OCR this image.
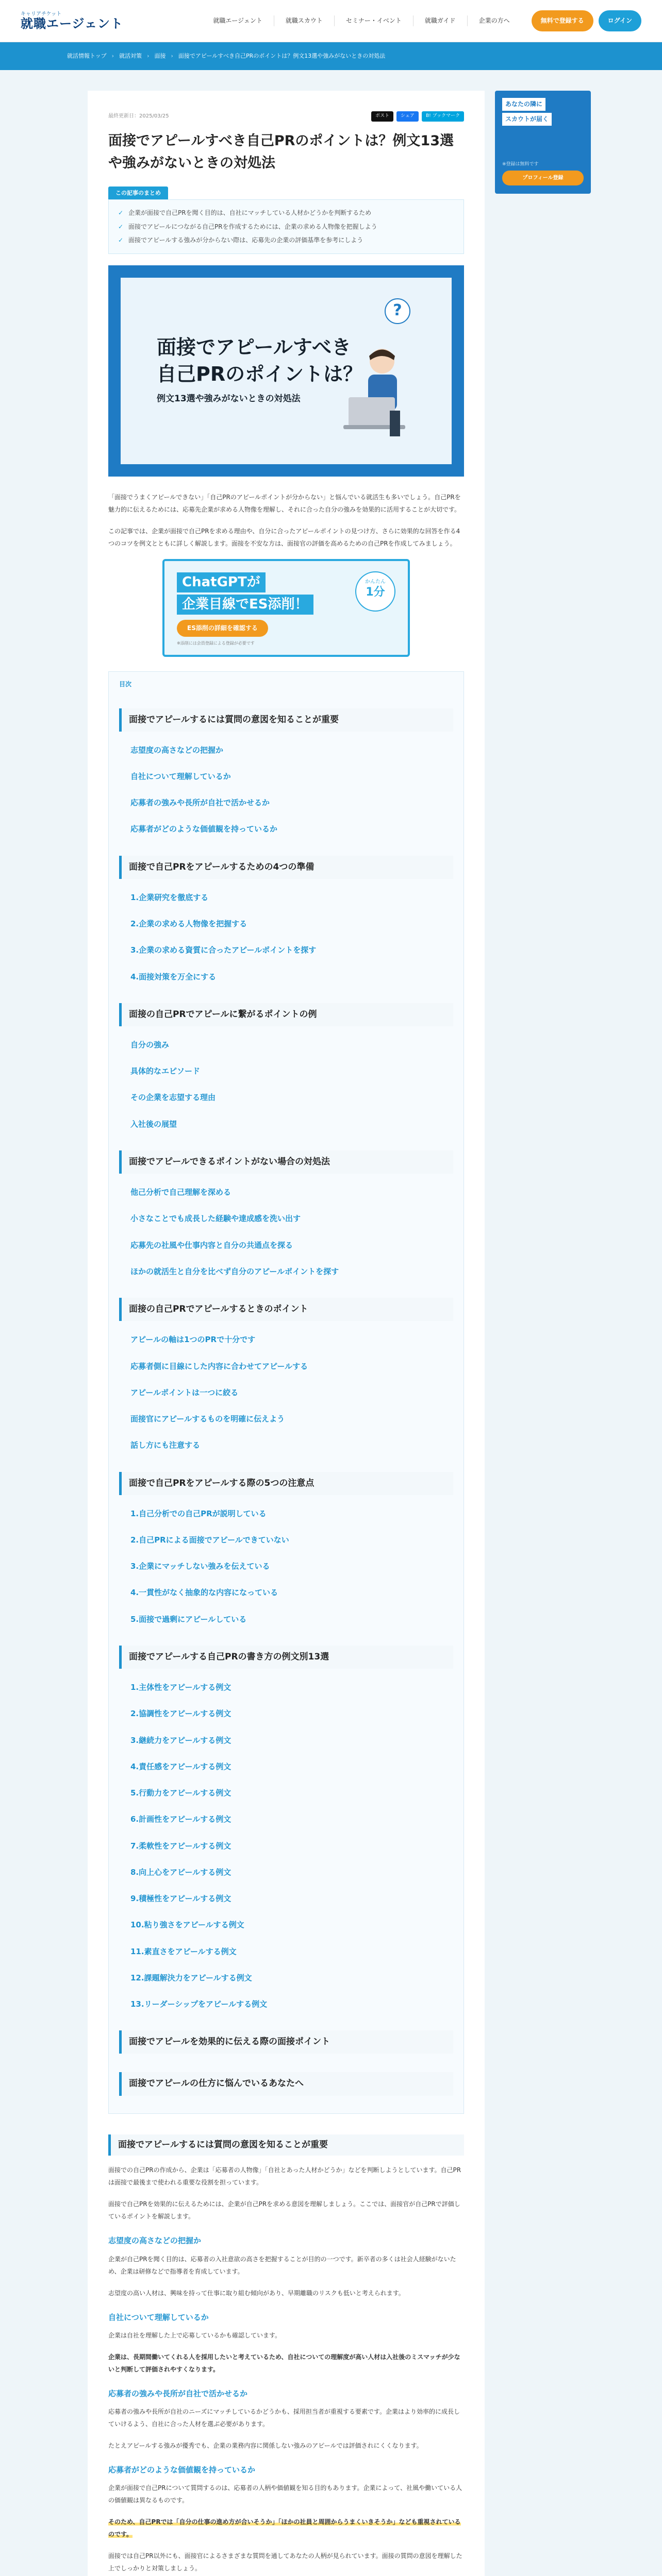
キャリアチケット
就職エージェント	就職エージェント	就職スカウト	セミナー・イベント	就職ガイド	企業の方へ	無料で登録する	ログイン
就活情報トップ › 就活対策 › 面接 › 面接でアピールすべき自己PRのポイントは？例文13選や強みがないときの対処法
最終更新日：2025/03/25	ポスト	シェア	B! ブックマーク
面接でアピールすべき自己PRのポイントは？例文13選や強みがないときの対処法
この記事のまとめ
✓ 企業が面接で自己PRを聞く目的は、自社にマッチしている人材かどうかを判断するため
✓ 面接でアピールにつながる自己PRを作成するためには、企業の求める人物像を把握しよう
✓ 面接でアピールする強みが分からない際は、応募先の企業の評価基準を参考にしよう
面接でアピールすべき
自己PRのポイントは？
例文13選や強みがないときの対処法
?

「面接でうまくアピールできない」「自己PRのアピールポイントが分からない」と悩んでいる就活生も多いでしょう。自己PRを魅力的に伝えるためには、応募先企業が求める人物像を理解し、それに合った自分の強みを効果的に活用することが大切です。

この記事では、企業が面接で自己PRを求める理由や、自分に合ったアピールポイントの見つけ方、さらに効果的な回答を作る4つのコツを例文とともに詳しく解説します。面接を不安な方は、面接官の評価を高めるための自己PRを作成してみましょう。

ChatGPTが
企業目線でES添削！
ES添削の詳細を確認する
※添削には会員登録による登録が必要です
かんたん
1分
目次
面接でアピールするには質問の意図を知ることが重要
志望度の高さなどの把握か
自社について理解しているか
応募者の強みや長所が自社で活かせるか
応募者がどのような価値観を持っているか
面接で自己PRをアピールするための4つの準備
1.企業研究を徹底する
2.企業の求める人物像を把握する
3.企業の求める資質に合ったアピールポイントを探す
4.面接対策を万全にする
面接の自己PRでアピールに繋がるポイントの例
自分の強み
具体的なエピソード
その企業を志望する理由
入社後の展望
面接でアピールできるポイントがない場合の対処法
他己分析で自己理解を深める
小さなことでも成長した経験や達成感を洗い出す
応募先の社風や仕事内容と自分の共通点を探る
ほかの就活生と自分を比べず自分のアピールポイントを探す
面接の自己PRでアピールするときのポイント
アピールの軸は1つのPRで十分です
応募者側に目線にした内容に合わせてアピールする
アピールポイントは一つに絞る
面接官にアピールするものを明確に伝えよう
話し方にも注意する
面接で自己PRをアピールする際の5つの注意点
1.自己分析での自己PRが説明している
2.自己PRによる面接でアピールできていない
3.企業にマッチしない強みを伝えている
4.一貫性がなく抽象的な内容になっている
5.面接で過剰にアピールしている
面接でアピールする自己PRの書き方の例文別13選
1.主体性をアピールする例文
2.協調性をアピールする例文
3.継続力をアピールする例文
4.責任感をアピールする例文
5.行動力をアピールする例文
6.計画性をアピールする例文
7.柔軟性をアピールする例文
8.向上心をアピールする例文
9.積極性をアピールする例文
10.粘り強さをアピールする例文
11.素直さをアピールする例文
12.課題解決力をアピールする例文
13.リーダーシップをアピールする例文
面接でアピールを効果的に伝える際の面接ポイント
面接でアピールの仕方に悩んでいるあなたへ
面接でアピールするには質問の意図を知ることが重要

面接での自己PRの作成から、企業は「応募者の人物像」「自社とあった人材かどうか」などを判断しようとしています。自己PRは面接で最後まで使われる重要な役割を担っています。

面接で自己PRを効果的に伝えるためには、企業が自己PRを求める意図を理解しましょう。ここでは、面接官が自己PRで評価しているポイントを解説します。

志望度の高さなどの把握か

企業が自己PRを聞く目的は、応募者の入社意欲の高さを把握することが目的の一つです。新卒者の多くは社会人経験がないため、企業は研修などで指導者を育成しています。

志望度の高い人材は、興味を持って仕事に取り組む傾向があり、早期離職のリスクも低いと考えられます。

自社について理解しているか

企業は自社を理解した上で応募しているかも確認しています。

企業は、長期間働いてくれる人を採用したいと考えているため、自社についての理解度が高い人材は入社後のミスマッチが少ないと判断して評価されやすくなります。

応募者の強みや長所が自社で活かせるか

応募者の強みや長所が自社のニーズにマッチしているかどうかも、採用担当者が重視する要素です。企業はより効率的に成長していけるよう、自社に合った人材を選ぶ必要があります。

たとえアピールする強みが優秀でも、企業の業務内容に関係しない強みのアピールでは評価されにくくなります。

応募者がどのような価値観を持っているか

企業が面接で自己PRについて質問するのは、応募者の人柄や価値観を知る目的もあります。企業によって、社風や働いている人の価値観は異なるものです。

そのため、自己PRでは「自分の仕事の進め方が合いそうか」「ほかの社員と周囲からうまくいきそうか」なども重視されているのです。

面接では自己PR以外にも、面接官によるさまざまな質問を通してあなたの人柄が見られています。面接の質問の意図を理解した上でしっかりと対策しましょう。

あなたの隣に
スカウトが届く
※登録は無料です
プロフィール登録
